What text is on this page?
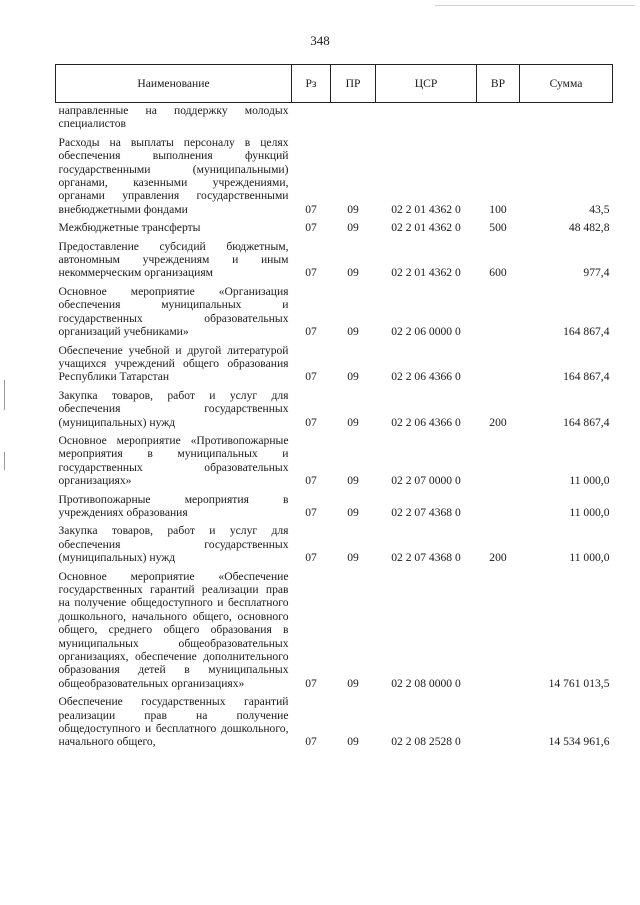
348
Наименование	Рз	ПР	ЦСР	ВР	Сумма
направленные на поддержку молодых специалистов					
Расходы на выплаты персоналу в целях обеспечения выполнения функций государственными (муниципальными) органами, казенными учреждениями, органами управления государственными внебюджетными фондами	07	09	02 2 01 4362 0	100	43,5
Межбюджетные трансферты	07	09	02 2 01 4362 0	500	48 482,8
Предоставление субсидий бюджетным, автономным учреждениям и иным некоммерческим организациям	07	09	02 2 01 4362 0	600	977,4
Основное мероприятие «Организация обеспечения муниципальных и государственных образовательных организаций учебниками»	07	09	02 2 06 0000 0		164 867,4
Обеспечение учебной и другой литературой учащихся учреждений общего образования Республики Татарстан	07	09	02 2 06 4366 0		164 867,4
Закупка товаров, работ и услуг для обеспечения государственных (муниципальных) нужд	07	09	02 2 06 4366 0	200	164 867,4
Основное мероприятие «Противопожарные мероприятия в муниципальных и государственных образовательных организациях»	07	09	02 2 07 0000 0		11 000,0
Противопожарные мероприятия в учреждениях образования	07	09	02 2 07 4368 0		11 000,0
Закупка товаров, работ и услуг для обеспечения государственных (муниципальных) нужд	07	09	02 2 07 4368 0	200	11 000,0
Основное мероприятие «Обеспечение государственных гарантий реализации прав на получение общедоступного и бесплатного дошкольного, начального общего, основного общего, среднего общего образования в муниципальных общеобразовательных организациях, обеспечение дополнительного образования детей в муниципальных общеобразовательных организациях»	07	09	02 2 08 0000 0		14 761 013,5
Обеспечение государственных гарантий реализации прав на получение общедоступного и бесплатного дошкольного, начального общего,	07	09	02 2 08 2528 0		14 534 961,6
